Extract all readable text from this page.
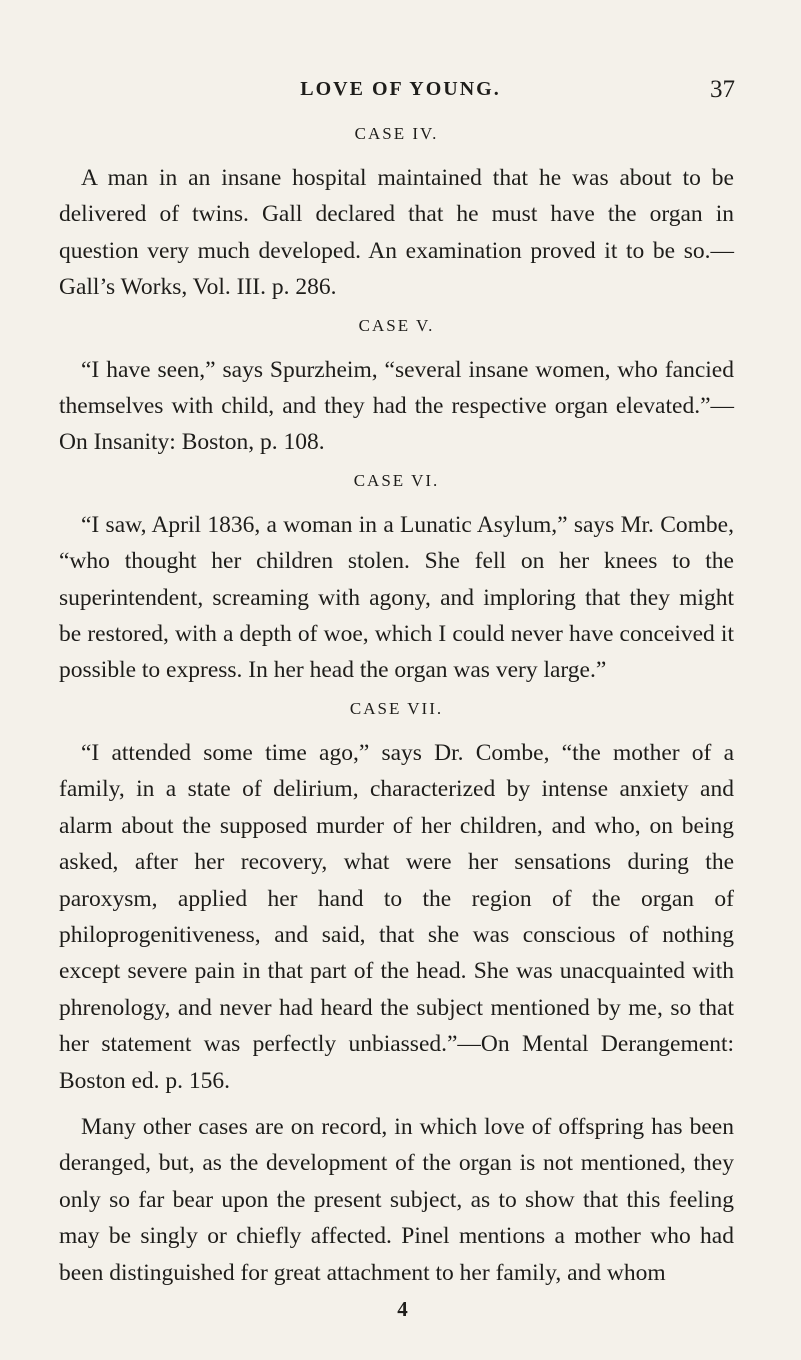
LOVE OF YOUNG.	37
CASE IV.

A man in an insane hospital maintained that he was about to be delivered of twins. Gall declared that he must have the organ in question very much developed. An examination proved it to be so.—Gall’s Works, Vol. III. p. 286.

CASE V.

“I have seen,” says Spurzheim, “several insane women, who fancied themselves with child, and they had the respective organ elevated.”—On Insanity: Boston, p. 108.

CASE VI.

“I saw, April 1836, a woman in a Lunatic Asylum,” says Mr. Combe, “who thought her children stolen. She fell on her knees to the superintendent, screaming with agony, and imploring that they might be restored, with a depth of woe, which I could never have conceived it possible to express. In her head the organ was very large.”

CASE VII.

“I attended some time ago,” says Dr. Combe, “the mother of a family, in a state of delirium, characterized by intense anxiety and alarm about the supposed murder of her children, and who, on being asked, after her recovery, what were her sensations during the paroxysm, applied her hand to the region of the organ of philoprogenitiveness, and said, that she was conscious of nothing except severe pain in that part of the head. She was unacquainted with phrenology, and never had heard the subject mentioned by me, so that her statement was perfectly unbiassed.”—On Mental Derangement: Boston ed. p. 156.

Many other cases are on record, in which love of offspring has been deranged, but, as the development of the organ is not mentioned, they only so far bear upon the present subject, as to show that this feeling may be singly or chiefly affected. Pinel mentions a mother who had been distinguished for great attachment to her family, and whom

4
